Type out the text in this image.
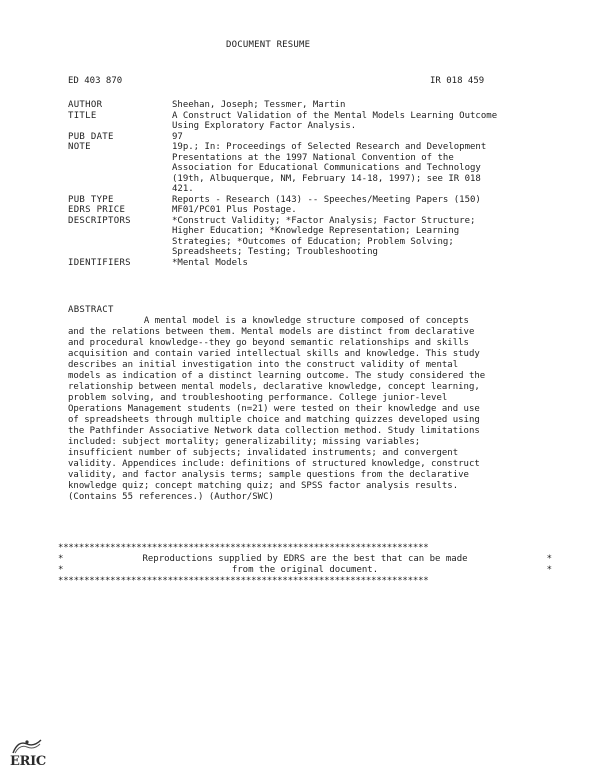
DOCUMENT RESUME
ED 403 870	IR 018 459
AUTHOR	Sheehan, Joseph; Tessmer, Martin
TITLE	A Construct Validation of the Mental Models Learning Outcome
Using Exploratory Factor Analysis.
PUB DATE	97
NOTE	19p.; In: Proceedings of Selected Research and Development
Presentations at the 1997 National Convention of the
Association for Educational Communications and Technology
(19th, Albuquerque, NM, February 14-18, 1997); see IR 018
421.
PUB TYPE	Reports - Research (143) -- Speeches/Meeting Papers (150)
EDRS PRICE	MF01/PC01 Plus Postage.
DESCRIPTORS	*Construct Validity; *Factor Analysis; Factor Structure;
Higher Education; *Knowledge Representation; Learning
Strategies; *Outcomes of Education; Problem Solving;
Spreadsheets; Testing; Troubleshooting
IDENTIFIERS	*Mental Models
ABSTRACT
A mental model is a knowledge structure composed of concepts
and the relations between them. Mental models are distinct from declarative
and procedural knowledge--they go beyond semantic relationships and skills
acquisition and contain varied intellectual skills and knowledge. This study
describes an initial investigation into the construct validity of mental
models as indication of a distinct learning outcome. The study considered the
relationship between mental models, declarative knowledge, concept learning,
problem solving, and troubleshooting performance. College junior-level
Operations Management students (n=21) were tested on their knowledge and use
of spreadsheets through multiple choice and matching quizzes developed using
the Pathfinder Associative Network data collection method. Study limitations
included: subject mortality; generalizability; missing variables;
insufficient number of subjects; invalidated instruments; and convergent
validity. Appendices include: definitions of structured knowledge, construct
validity, and factor analysis terms; sample questions from the declarative
knowledge quiz; concept matching quiz; and SPSS factor analysis results.
(Contains 55 references.) (Author/SWC)
***********************************************************************
*	Reproductions supplied by EDRS are the best that can be made	*
*	from the original document.	*
***********************************************************************
ERIC
